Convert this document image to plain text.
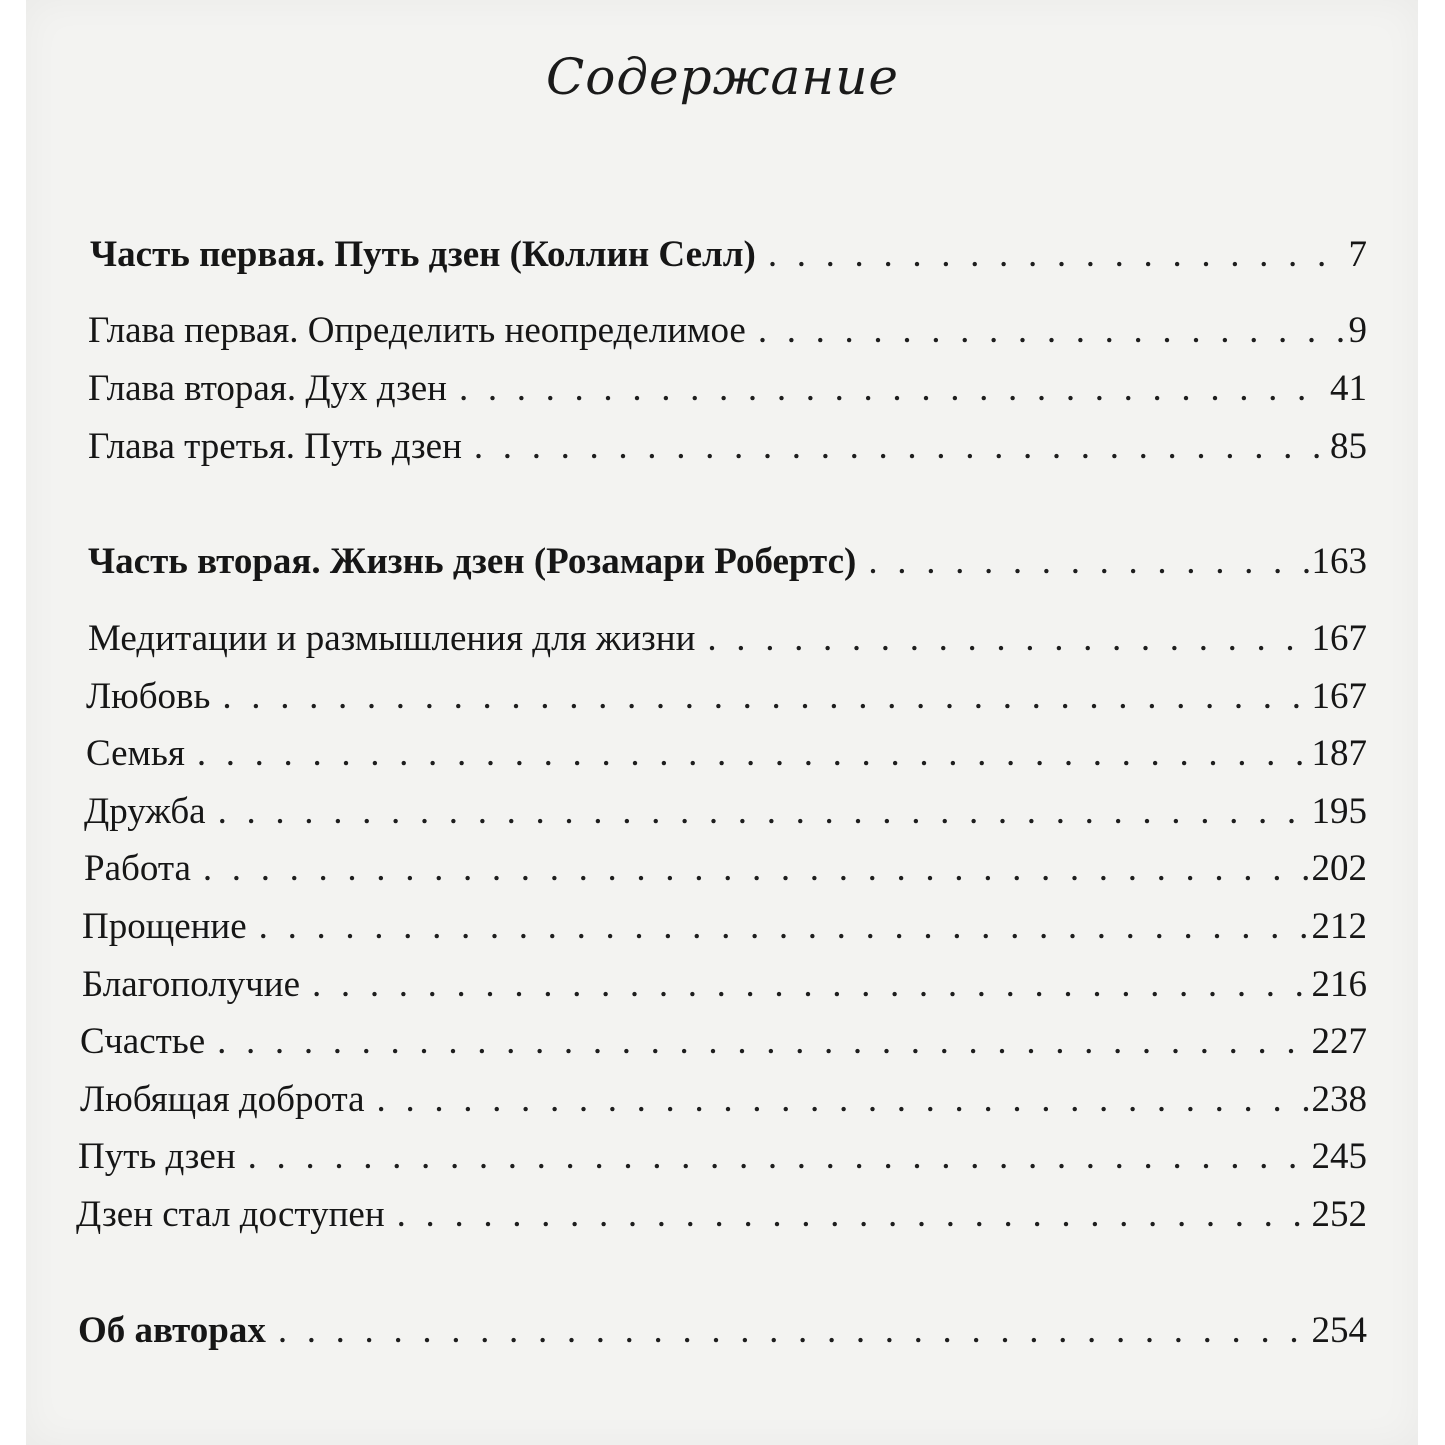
Содержание
Часть первая. Путь дзен (Коллин Селл) . . .	7
Глава первая. Определить неопределимое . . .	9
Глава вторая. Дух дзен . . .	41
Глава третья. Путь дзен . . .	85
Часть вторая. Жизнь дзен (Розамари Робертс) . . .	163
Медитации и размышления для жизни . . .	167
Любовь . . .	167
Семья . . .	187
Дружба . . .	195
Работа . . .	202
Прощение . . .	212
Благополучие . . .	216
Счастье . . .	227
Любящая доброта . . .	238
Путь дзен . . .	245
Дзен стал доступен . . .	252
Об авторах . . .	254
